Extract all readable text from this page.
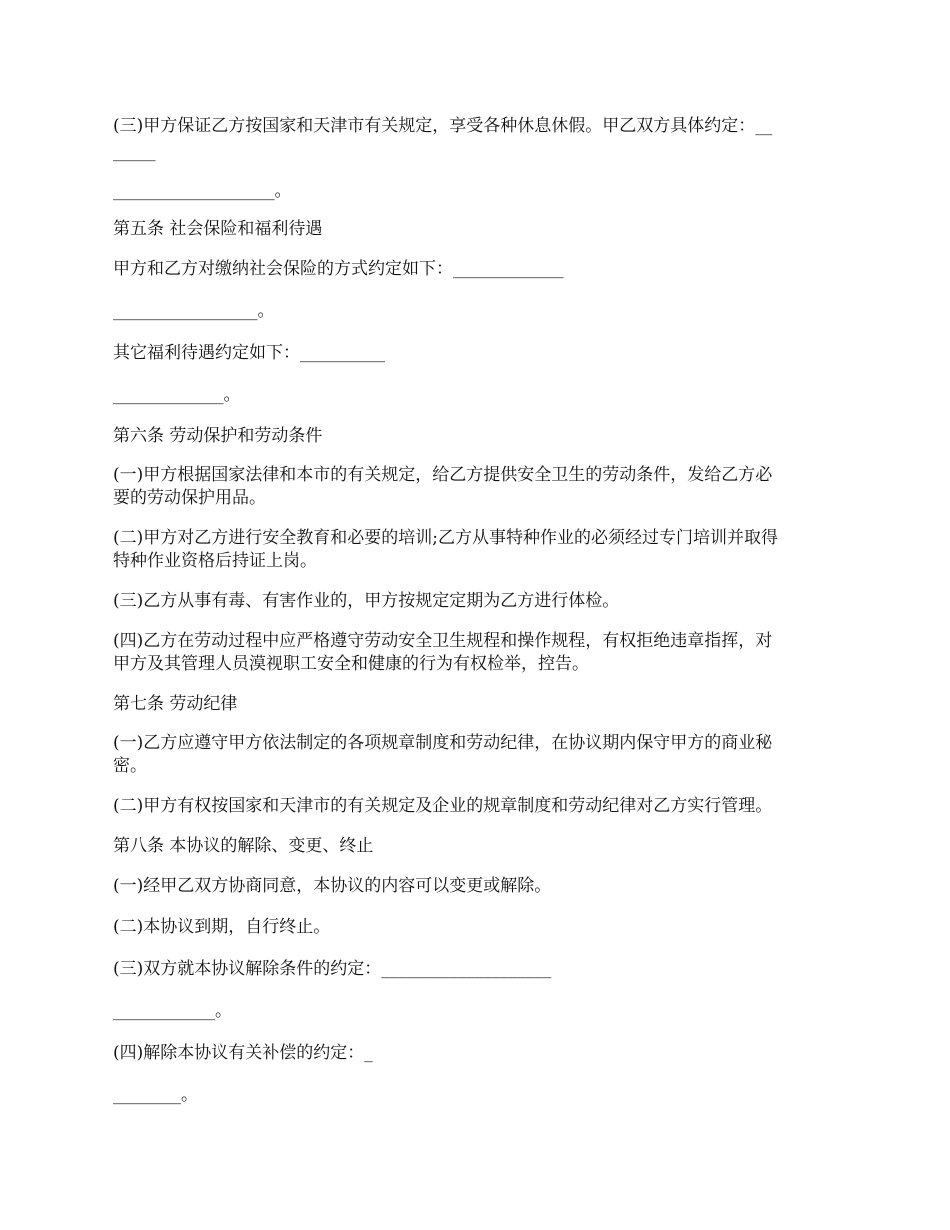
(三)甲方保证乙方按国家和天津市有关规定，享受各种休息休假。甲乙双方具体约定：__
_____
___________________。
第五条 社会保险和福利待遇
甲方和乙方对缴纳社会保险的方式约定如下：_____________
_________________。
其它福利待遇约定如下：__________
_____________。
第六条 劳动保护和劳动条件
(一)甲方根据国家法律和本市的有关规定，给乙方提供安全卫生的劳动条件，发给乙方必
要的劳动保护用品。
(二)甲方对乙方进行安全教育和必要的培训;乙方从事特种作业的必须经过专门培训并取得
特种作业资格后持证上岗。
(三)乙方从事有毒、有害作业的，甲方按规定定期为乙方进行体检。
(四)乙方在劳动过程中应严格遵守劳动安全卫生规程和操作规程，有权拒绝违章指挥，对
甲方及其管理人员漠视职工安全和健康的行为有权检举，控告。
第七条 劳动纪律
(一)乙方应遵守甲方依法制定的各项规章制度和劳动纪律，在协议期内保守甲方的商业秘
密。
(二)甲方有权按国家和天津市的有关规定及企业的规章制度和劳动纪律对乙方实行管理。
第八条 本协议的解除、变更、终止
(一)经甲乙双方协商同意，本协议的内容可以变更或解除。
(二)本协议到期，自行终止。
(三)双方就本协议解除条件的约定：____________________
____________。
(四)解除本协议有关补偿的约定：_
________。
